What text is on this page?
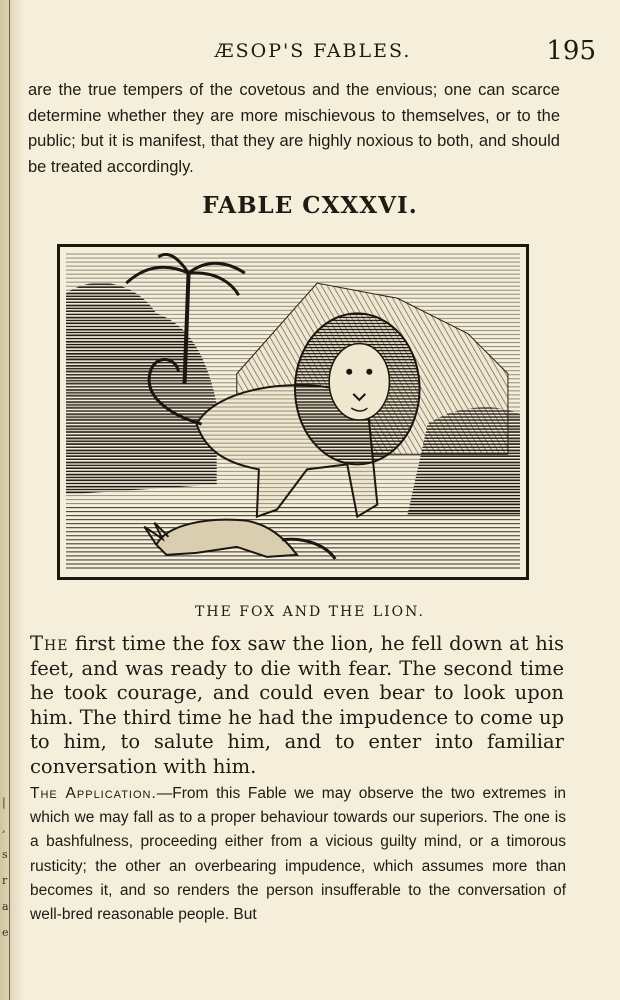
|
,
s
r
a
e
ÆSOP'S FABLES.	195

are the true tempers of the covetous and the envious; one can scarce determine whether they are more mischievous to themselves, or to the public; but it is manifest, that they are highly noxious to both, and should be treated accordingly.

FABLE CXXXVI.

THE FOX AND THE LION.

The first time the fox saw the lion, he fell down at his feet, and was ready to die with fear. The second time he took courage, and could even bear to look upon him. The third time he had the impudence to come up to him, to salute him, and to enter into familiar conversation with him.

The Application.—From this Fable we may observe the two extremes in which we may fall as to a proper behaviour towards our superiors. The one is a bashfulness, proceeding either from a vicious guilty mind, or a timorous rusticity; the other an overbearing impudence, which assumes more than becomes it, and so renders the person insufferable to the conversation of well-bred reasonable people. But
